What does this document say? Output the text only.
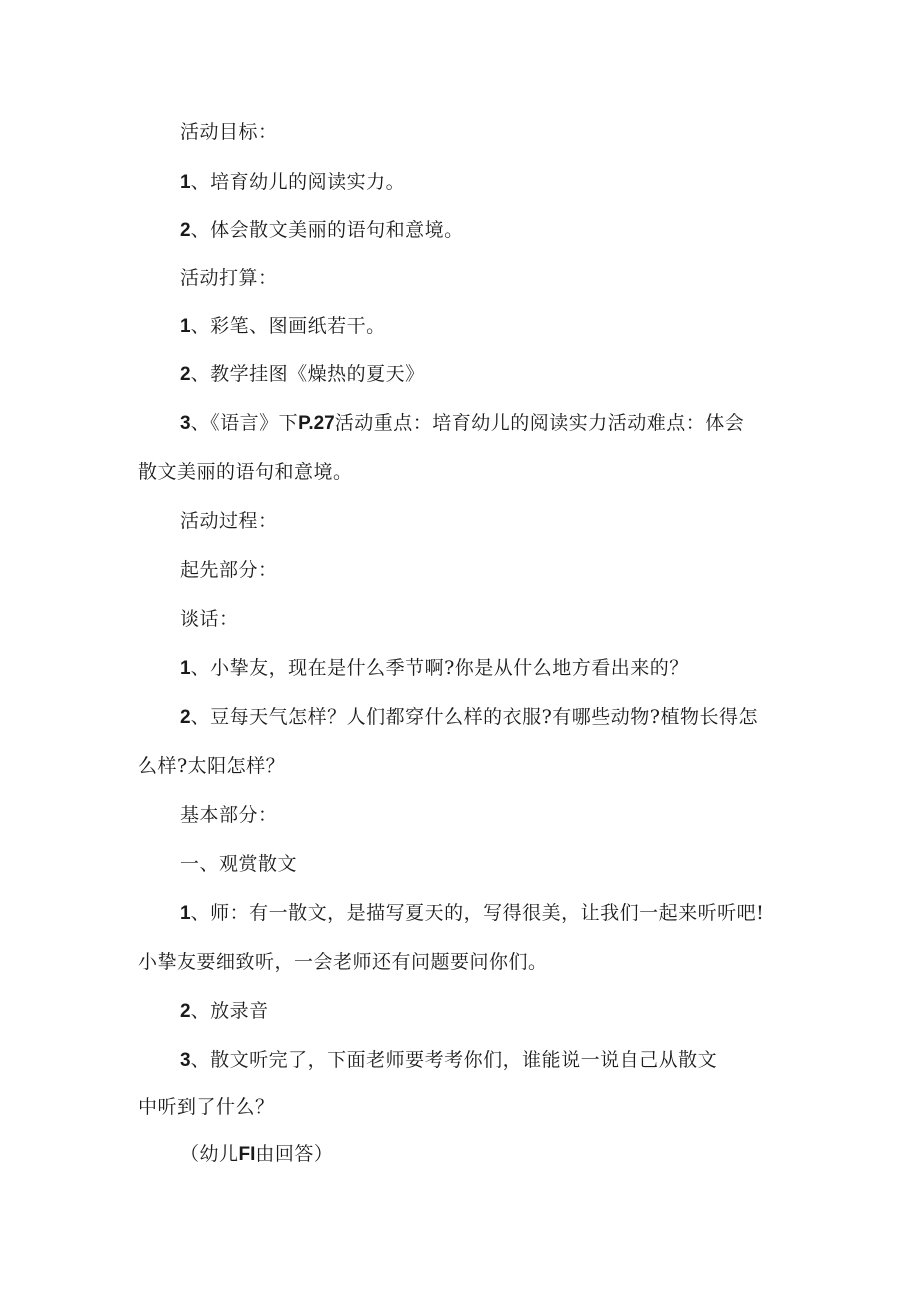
活动目标：
1、培育幼儿的阅读实力。
2、体会散文美丽的语句和意境。
活动打算：
1、彩笔、图画纸若干。
2、教学挂图《燥热的夏天》
3、《语言》下P.27活动重点：培育幼儿的阅读实力活动难点：体会
散文美丽的语句和意境。
活动过程：
起先部分：
谈话：
1、小挚友，现在是什么季节啊?你是从什么地方看出来的？
2、豆每天气怎样？人们都穿什么样的衣服?有哪些动物?植物长得怎
么样?太阳怎样？
基本部分：
一、观赏散文
1、师：有一散文，是描写夏天的，写得很美，让我们一起来听听吧!
小挚友要细致听，一会老师还有问题要问你们。
2、放录音
3、散文听完了，下面老师要考考你们，谁能说一说自己从散文
中听到了什么？
（幼儿FI由回答）
